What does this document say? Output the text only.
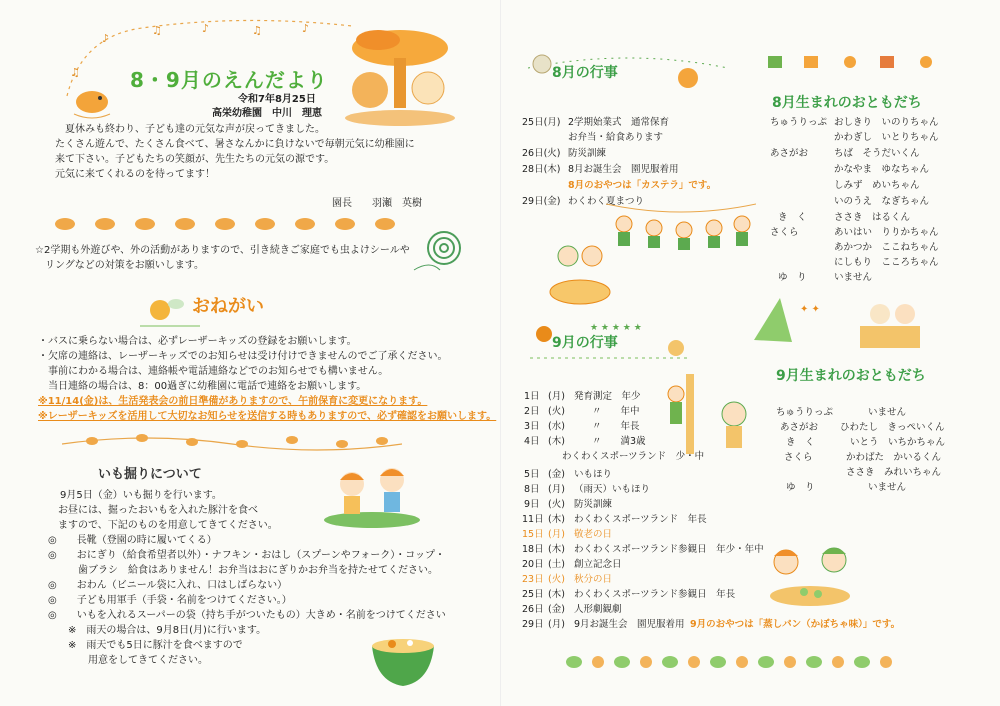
♪
♫	♪	♫	♪
♫	8・9月のえんだより
令和7年8月25日
高栄幼稚園　中川　理恵
夏休みも終わり、子ども達の元気な声が戻ってきました。
たくさん遊んで、たくさん食べて、暑さなんかに負けないで毎朝元気に幼稚園に
来て下さい。子どもたちの笑顔が、先生たちの元気の源です。
元気に来てくれるのを待ってます！
園長　　羽瀬　英樹
☆2学期も外遊びや、外の活動がありますので、引き続きご家庭でも虫よけシールや
リングなどの対策をお願いします。
おねがい
・バスに乗らない場合は、必ずレーザーキッズの登録をお願いします。
・欠席の連絡は、レーザーキッズでのお知らせは受け付けできませんのでご了承ください。
　事前にわかる場合は、連絡帳や電話連絡などでのお知らせでも構いません。
　当日連絡の場合は、8：00過ぎに幼稚園に電話で連絡をお願いします。
※11/14(金)は、生活発表会の前日準備がありますので、午前保育に変更になります。
※レーザーキッズを活用して大切なお知らせを送信する時もありますので、必ず確認をお願いします。
いも掘りについて
9月5日（金）いも掘りを行います。
お昼には、掘ったおいもを入れた豚汁を食べ
ますので、下記のものを用意してきてください。
◎　　長靴（登園の時に履いてくる）
◎　　おにぎり（給食希望者以外）・ナフキン・おはし（スプーンやフォーク）・コップ・
　　　歯ブラシ　給食はありません！お弁当はおにぎりかお弁当を持たせてください。
◎　　おわん（ビニール袋に入れ、口はしばらない）
◎　　子ども用軍手（手袋・名前をつけてください。）
◎　　いもを入れるスーパーの袋（持ち手がついたもの）大きめ・名前をつけてください
　　※　雨天の場合は、9月8日(月)に行います。
　　※　雨天でも5日に豚汁を食べますので
　　　　用意をしてきてください。
8月の行事
8月生まれのおともだち
25日(月) 2学期始業式　通常保育
お弁当・給食あります
26日(火) 防災訓練
28日(木) 8月お誕生会　園児服着用
8月のおやつは「カステラ」です。
29日(金) わくわく夏まつり
ちゅうりっぷ おしきり　いのりちゃん
かわぎし　いとりちゃん
あさがお	ちば　そうだいくん
かなやま　ゆなちゃん
しみず　めいちゃん
いのうえ　なぎちゃん
き　く	ささき　はるくん
さくら	あいはい　りりかちゃん
あかつか　ここねちゃん
にしもり　こころちゃん
ゆ　り	いません
★ ★ ★ ★ ★
9月の行事
✦ ✦
9月生まれのおともだち
1日 (月) 発育測定　年少
2日 (火)	〃　　年中
3日 (水)	〃　　年長
4日 (木)	〃　　満3歳
わくわくスポーツランド　少・中
5日 (金) いもほり
8日 (月) （雨天）いもほり
9日 (火) 防災訓練
11日 (木) わくわくスポーツランド　年長
15日 (月) 敬老の日
18日 (木) わくわくスポーツランド参観日　年少・年中
20日 (土) 創立記念日
23日 (火) 秋分の日
25日 (木) わくわくスポーツランド参観日　年長
26日 (金) 人形劇観劇
29日 (月) 9月お誕生会　園児服着用 9月のおやつは「蒸しパン（かぼちゃ味）」です。
ちゅうりっぷ	いません
あさがお ひわたし　きっぺいくん
き　く	いとう　いちかちゃん
さくら	かわばた　かいるくん
ささき　みれいちゃん
ゆ　り	いません
